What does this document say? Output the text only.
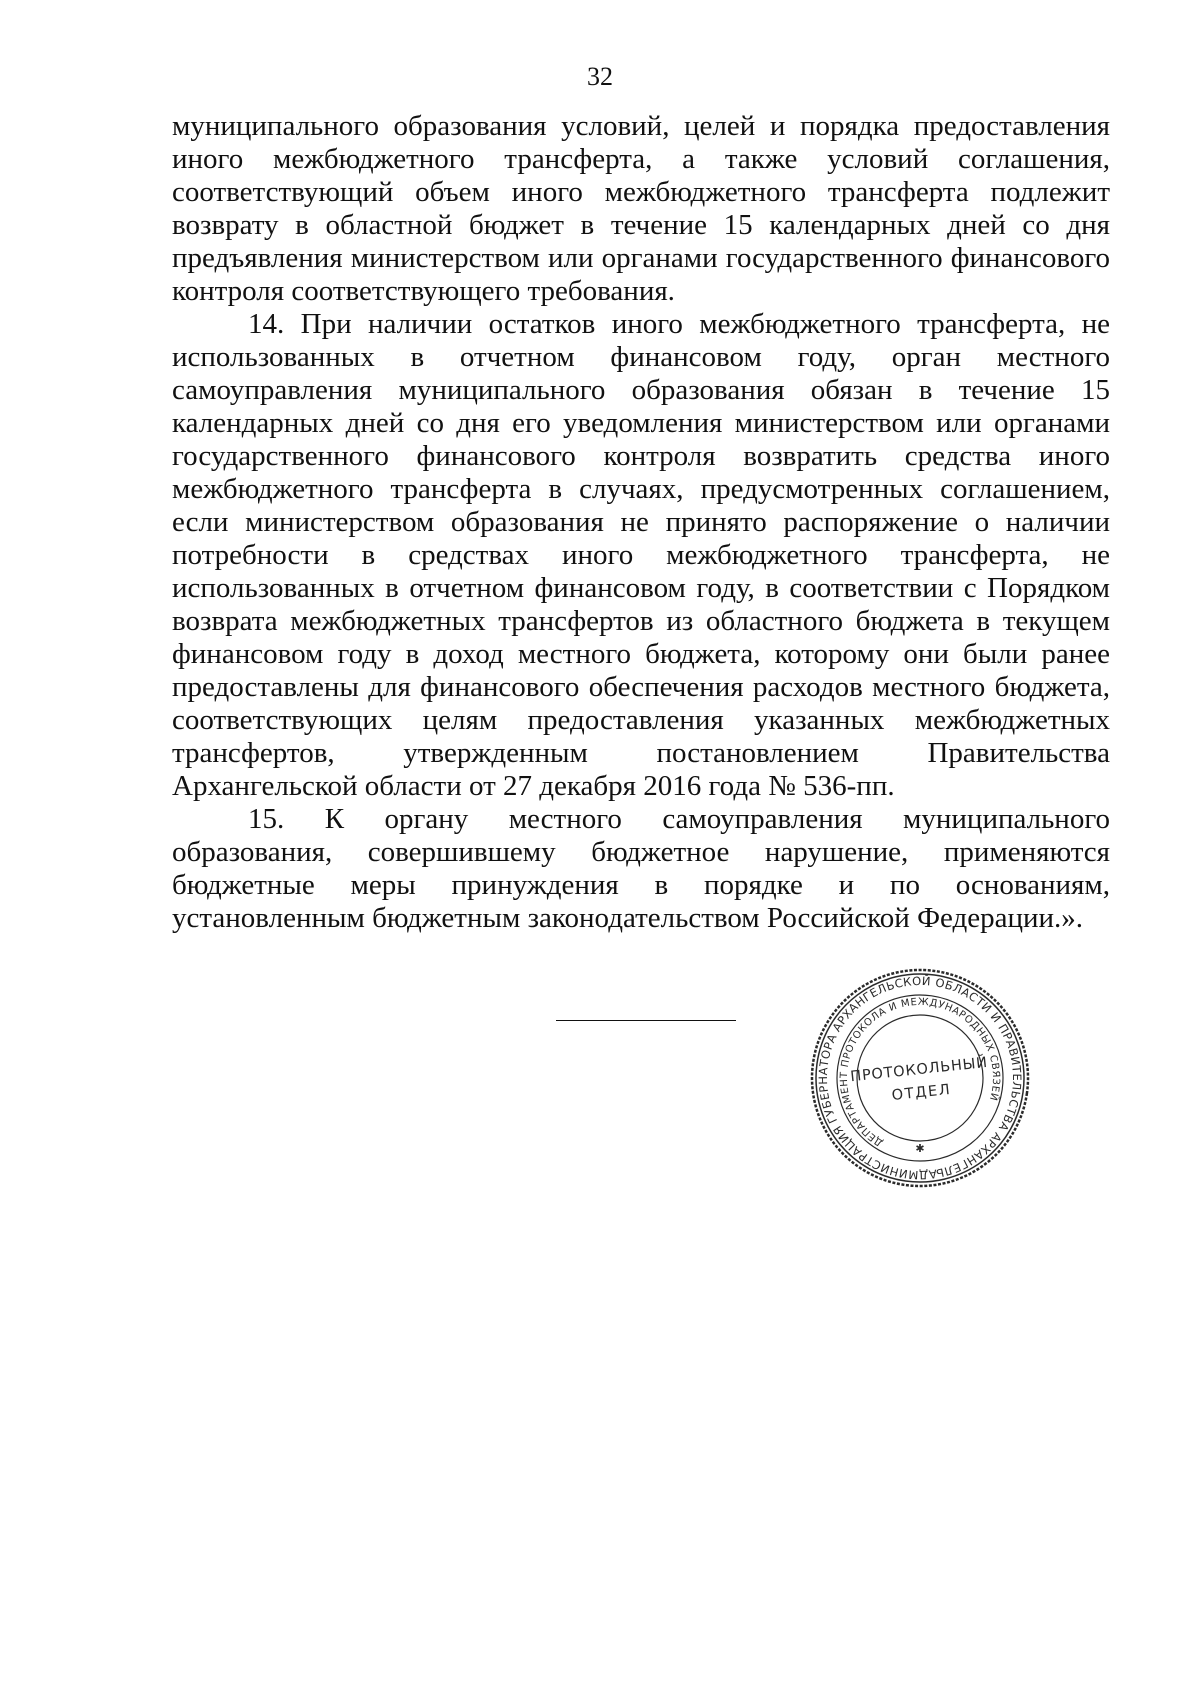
32

муниципального образования условий, целей и порядка предоставления иного межбюджетного трансферта, а также условий соглашения, соответствующий объем иного межбюджетного трансферта подлежит возврату в областной бюджет в течение 15 календарных дней со дня предъявления министерством или органами государственного финансового контроля соответствующего требования.

14. При наличии остатков иного межбюджетного трансферта, не использованных в отчетном финансовом году, орган местного самоуправления муниципального образования обязан в течение 15 календарных дней со дня его уведомления министерством или органами государственного финансового контроля возвратить средства иного межбюджетного трансферта в случаях, предусмотренных соглашением, если министерством образования не принято распоряжение о наличии потребности в средствах иного межбюджетного трансферта, не использованных в отчетном финансовом году, в соответствии с Порядком возврата межбюджетных трансфертов из областного бюджета в текущем финансовом году в доход местного бюджета, которому они были ранее предоставлены для финансового обеспечения расходов местного бюджета, соответствующих целям предоставления указанных межбюджетных трансфертов, утвержденным постановлением Правительства Архангельской области от 27 декабря 2016 года № 536-пп.

15. К органу местного самоуправления муниципального образования, совершившему бюджетное нарушение, применяются бюджетные меры принуждения в порядке и по основаниям, установленным бюджетным законодательством Российской Федерации.».

АДМИНИСТРАЦИЯ ГУБЕРНАТОРА АРХАНГЕЛЬСКОЙ ОБЛАСТИ И ПРАВИТЕЛЬСТВА АРХАНГЕЛЬСКОЙ
ДЕПАРТАМЕНТ ПРОТОКОЛА И МЕЖДУНАРОДНЫХ СВЯЗЕЙ
ПРОТОКОЛЬНЫЙ
ОТДЕЛ
✱
